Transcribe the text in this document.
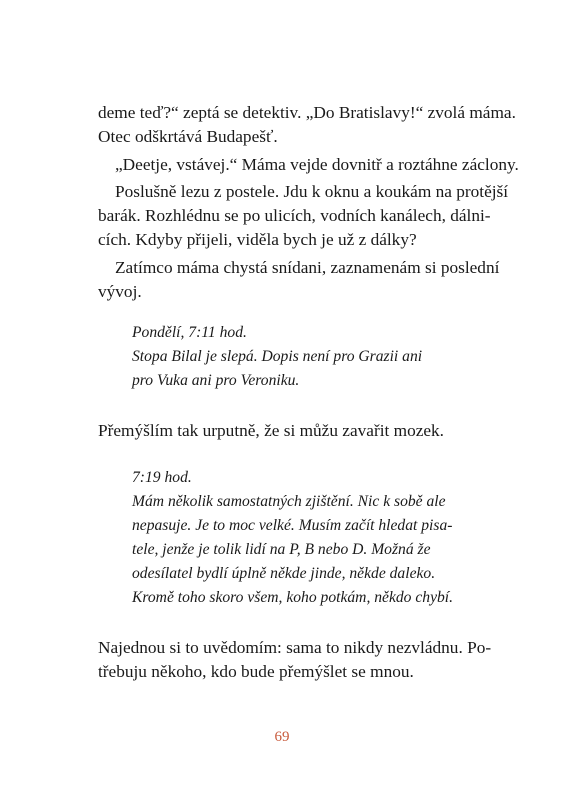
deme teď?“ zeptá se detektiv. „Do Bratislavy!“ zvolá máma.
Otec odškrtává Budapešť.
„Deetje, vstávej.“ Máma vejde dovnitř a roztáhne záclony.
Poslušně lezu z postele. Jdu k oknu a koukám na protější
barák. Rozhlédnu se po ulicích, vodních kanálech, dálni-
cích. Kdyby přijeli, viděla bych je už z dálky?
Zatímco máma chystá snídani, zaznamenám si poslední
vývoj.
Pondělí, 7:11 hod.
Stopa Bilal je slepá. Dopis není pro Grazii ani
pro Vuka ani pro Veroniku.
Přemýšlím tak urputně, že si můžu zavařit mozek.
7:19 hod.
Mám několik samostatných zjištění. Nic k sobě ale
nepasuje. Je to moc velké. Musím začít hledat pisa-
tele, jenže je tolik lidí na P, B nebo D. Možná že
odesílatel bydlí úplně někde jinde, někde daleko.
Kromě toho skoro všem, koho potkám, někdo chybí.
Najednou si to uvědomím: sama to nikdy nezvládnu. Po-
třebuju někoho, kdo bude přemýšlet se mnou.
69
